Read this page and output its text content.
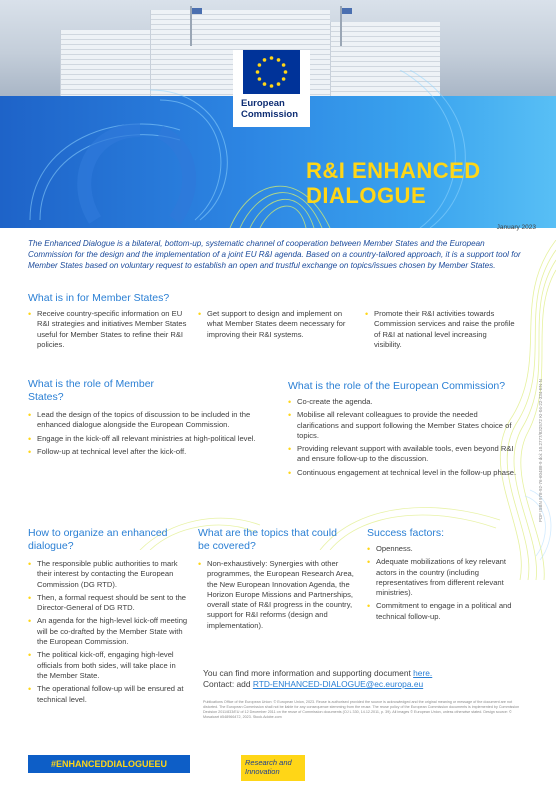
European
Commission
R&I ENHANCED
DIALOGUE
January 2023

The Enhanced Dialogue is a bilateral, bottom-up, systematic channel of cooperation between Member States and the European Commission for the design and the implementation of a joint EU R&I agenda. Based on a country-tailored approach, it is a support tool for Member States based on voluntary request to establish an open and trustful exchange on topics/issues chosen by Member States.

What is in for Member States?
• Receive country-specific information on EU R&I strategies and initiatives Member States useful for Member States to refine their R&I policies.
• Get support to design and implement on what Member States deem necessary for improving their R&I systems.
• Promote their R&I activities towards Commission services and raise the profile of R&I at national level increasing visibility.
What is the role of Member States?
• Lead the design of the topics of discussion to be included in the enhanced dialogue alongside the European Commission.
• Engage in the kick-off all relevant ministries at high-political level.
• Follow-up at technical level after the kick-off.
What is the role of the European Commission?
• Co-create the agenda.
• Mobilise all relevant colleagues to provide the needed clarifications and support following the Member States choice of topics.
• Providing relevant support with available tools, even beyond R&I and ensure follow-up to the discussion.
• Continuous engagement at technical level in the follow-up phase.
How to organize an enhanced dialogue?
• The responsible public authorities to mark their interest by contacting the European Commission (DG RTD).
• Then, a formal request should be sent to the Director-General of DG RTD.
• An agenda for the high-level kick-off meeting will be co-drafted by the Member State with the European Commission.
• The political kick-off, engaging high-level officials from both sides, will take place in the Member State.
• The operational follow-up will be ensured at technical level.
What are the topics that could be covered?
• Non-exhaustively: Synergies with other programmes, the European Research Area, the New European Innovation Agenda, the Horizon Europe Missions and Partnerships, overall state of R&I progress in the country, support for R&I reforms (design and implementation).
Success factors:
• Openness.
• Adequate mobilizations of key relevant actors in the country (including representatives from different relevant ministries).
• Commitment to engage in a political and technical follow-up.
You can find more information and supporting document here.
Contact: add RTD-ENHANCED-DIALOGUE@ec.europa.eu

Publications Office of the European Union: © European Union, 2023. Reuse is authorised provided the source is acknowledged and the original meaning or message of the document are not distorted. The European Commission shall not be liable for any consequence stemming from the reuse. The reuse policy of the European Commission documents is implemented by Commission Decision 2011/833/EU of 12 December 2011 on the reuse of Commission documents (OJ L 330, 14.12.2011, p. 39). All images © European Union, unless otherwise stated. Design source: © Mosaicart #548966472, 2023. Stock.Adobe.com

#ENHANCEDDIALOGUEEU	Research and
Innovation
PDF ISBN 978-92-76-60488-9 doi: 10.2777/832572 KI-04-22-334-EN-N
